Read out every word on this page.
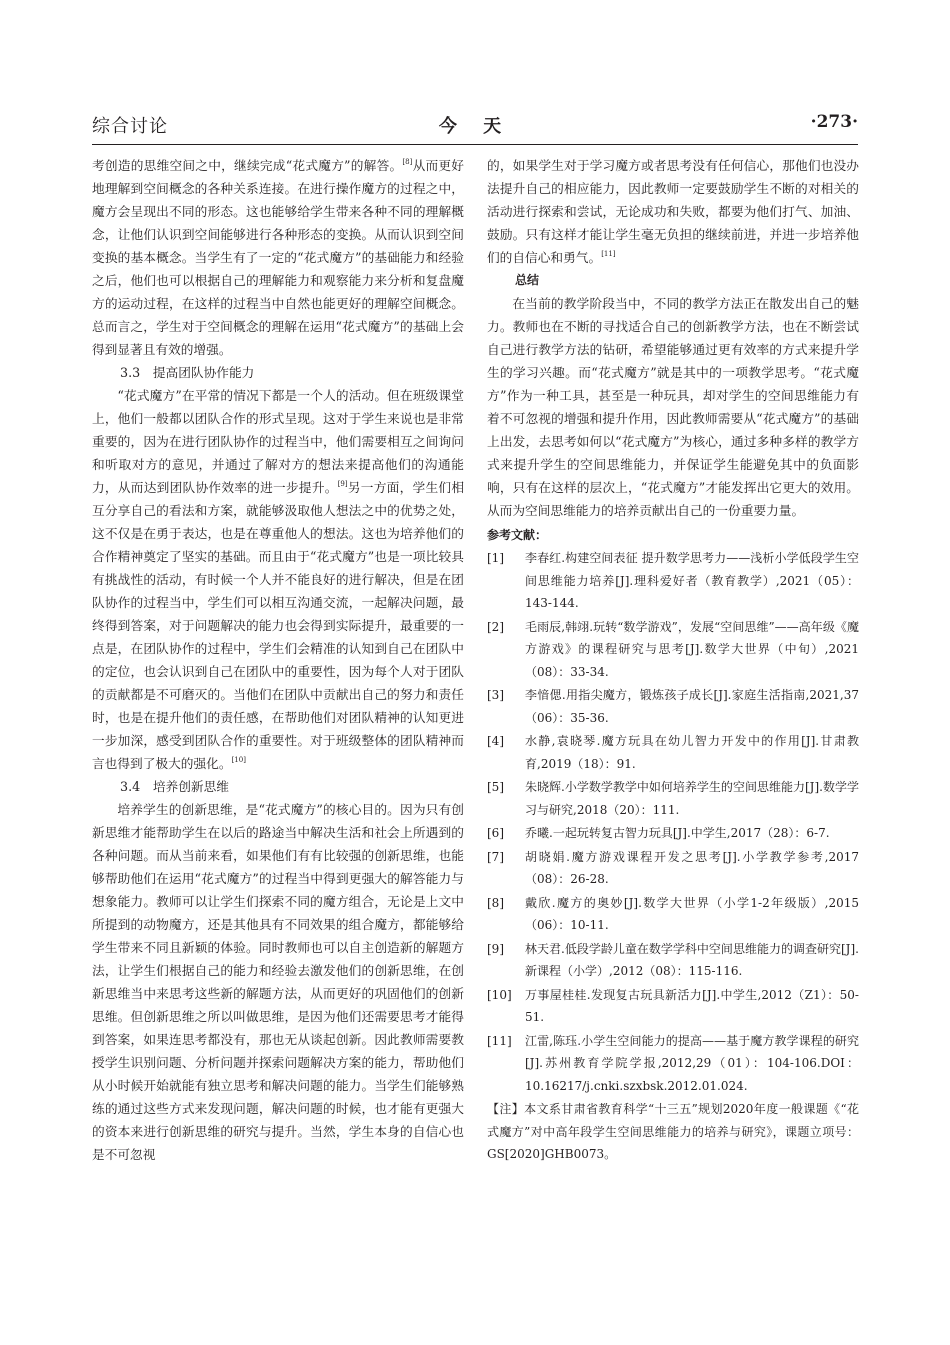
综合讨论	今 天	·273·

考创造的思维空间之中，继续完成“花式魔方”的解答。[8]从而更好地理解到空间概念的各种关系连接。在进行操作魔方的过程之中，魔方会呈现出不同的形态。这也能够给学生带来各种不同的理解概念，让他们认识到空间能够进行各种形态的变换。从而认识到空间变换的基本概念。当学生有了一定的“花式魔方”的基础能力和经验之后，他们也可以根据自己的理解能力和观察能力来分析和复盘魔方的运动过程，在这样的过程当中自然也能更好的理解空间概念。总而言之，学生对于空间概念的理解在运用“花式魔方”的基础上会得到显著且有效的增强。

3.3　提高团队协作能力

“花式魔方”在平常的情况下都是一个人的活动。但在班级课堂上，他们一般都以团队合作的形式呈现。这对于学生来说也是非常重要的，因为在进行团队协作的过程当中，他们需要相互之间询问和听取对方的意见，并通过了解对方的想法来提高他们的沟通能力，从而达到团队协作效率的进一步提升。[9]另一方面，学生们相互分享自己的看法和方案，就能够汲取他人想法之中的优势之处，这不仅是在勇于表达，也是在尊重他人的想法。这也为培养他们的合作精神奠定了坚实的基础。而且由于“花式魔方”也是一项比较具有挑战性的活动，有时候一个人并不能良好的进行解决，但是在团队协作的过程当中，学生们可以相互沟通交流，一起解决问题，最终得到答案，对于问题解决的能力也会得到实际提升，最重要的一点是，在团队协作的过程中，学生们会精准的认知到自己在团队中的定位，也会认识到自己在团队中的重要性，因为每个人对于团队的贡献都是不可磨灭的。当他们在团队中贡献出自己的努力和责任时，也是在提升他们的责任感，在帮助他们对团队精神的认知更进一步加深，感受到团队合作的重要性。对于班级整体的团队精神而言也得到了极大的强化。[10]

3.4　培养创新思维

培养学生的创新思维，是“花式魔方”的核心目的。因为只有创新思维才能帮助学生在以后的路途当中解决生活和社会上所遇到的各种问题。而从当前来看，如果他们有有比较强的创新思维，也能够帮助他们在运用“花式魔方”的过程当中得到更强大的解答能力与想象能力。教师可以让学生们探索不同的魔方组合，无论是上文中所提到的动物魔方，还是其他具有不同效果的组合魔方，都能够给学生带来不同且新颖的体验。同时教师也可以自主创造新的解题方法，让学生们根据自己的能力和经验去激发他们的创新思维，在创新思维当中来思考这些新的解题方法，从而更好的巩固他们的创新思维。但创新思维之所以叫做思维，是因为他们还需要思考才能得到答案，如果连思考都没有，那也无从谈起创新。因此教师需要教授学生识别问题、分析问题并探索问题解决方案的能力，帮助他们从小时候开始就能有独立思考和解决问题的能力。当学生们能够熟练的通过这些方式来发现问题，解决问题的时候，也才能有更强大的资本来进行创新思维的研究与提升。当然，学生本身的自信心也是不可忽视

的，如果学生对于学习魔方或者思考没有任何信心，那他们也没办法提升自己的相应能力，因此教师一定要鼓励学生不断的对相关的活动进行探索和尝试，无论成功和失败，都要为他们打气、加油、鼓励。只有这样才能让学生毫无负担的继续前进，并进一步培养他们的自信心和勇气。[11]

总结

在当前的教学阶段当中，不同的教学方法正在散发出自己的魅力。教师也在不断的寻找适合自己的创新教学方法，也在不断尝试自己进行教学方法的钻研，希望能够通过更有效率的方式来提升学生的学习兴趣。而“花式魔方”就是其中的一项教学思考。“花式魔方”作为一种工具，甚至是一种玩具，却对学生的空间思维能力有着不可忽视的增强和提升作用，因此教师需要从“花式魔方”的基础上出发，去思考如何以“花式魔方”为核心，通过多种多样的教学方式来提升学生的空间思维能力，并保证学生能避免其中的负面影响，只有在这样的层次上，“花式魔方”才能发挥出它更大的效用。从而为空间思维能力的培养贡献出自己的一份重要力量。

参考文献：
[1]	李春红.构建空间表征 提升数学思考力——浅析小学低段学生空间思维能力培养[J].理科爱好者（教育教学）,2021（05）：143-144.
[2]	毛雨辰,韩翊.玩转“数学游戏”，发展“空间思维”——高年级《魔方游戏》的课程研究与思考[J].数学大世界（中旬）,2021（08）：33-34.
[3]	李愔偲.用指尖魔方，锻炼孩子成长[J].家庭生活指南,2021,37（06）：35-36.
[4]	水静,袁晓琴.魔方玩具在幼儿智力开发中的作用[J].甘肃教育,2019（18）：91.
[5]	朱晓辉.小学数学教学中如何培养学生的空间思维能力[J].数学学习与研究,2018（20）：111.
[6]	乔曦.一起玩转复古智力玩具[J].中学生,2017（28）：6-7.
[7]	胡晓娟.魔方游戏课程开发之思考[J].小学教学参考,2017（08）：26-28.
[8]	戴欣.魔方的奥妙[J].数学大世界（小学1-2年级版）,2015（06）：10-11.
[9]	林天君.低段学龄儿童在数学学科中空间思维能力的调查研究[J].新课程（小学）,2012（08）：115-116.
[10]	万事屋桂桂.发现复古玩具新活力[J].中学生,2012（Z1）：50-51.
[11]	江雷,陈珏.小学生空间能力的提高——基于魔方教学课程的研究[J].苏州教育学院学报,2012,29（01）：104-106.DOI：10.16217/j.cnki.szxbsk.2012.01.024.
【注】本文系甘肃省教育科学“十三五”规划2020年度一般课题《“花式魔方”对中高年段学生空间思维能力的培养与研究》，课题立项号：GS[2020]GHB0073。
